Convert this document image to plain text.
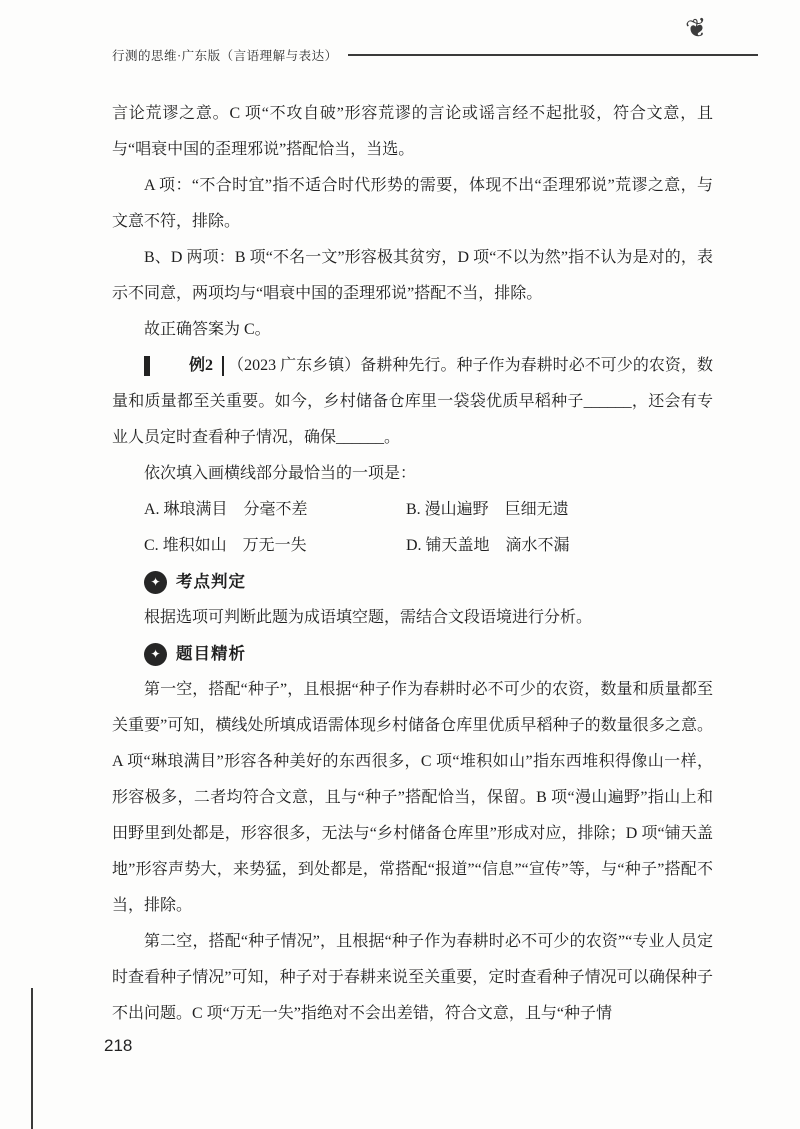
行测的思维·广东版（言语理解与表达）
❦

言论荒谬之意。C 项“不攻自破”形容荒谬的言论或谣言经不起批驳，符合文意，且与“唱衰中国的歪理邪说”搭配恰当，当选。

A 项：“不合时宜”指不适合时代形势的需要，体现不出“歪理邪说”荒谬之意，与文意不符，排除。

B、D 两项：B 项“不名一文”形容极其贫穷，D 项“不以为然”指不认为是对的，表示不同意，两项均与“唱衰中国的歪理邪说”搭配不当，排除。

故正确答案为 C。

例2 （2023 广东乡镇）备耕种先行。种子作为春耕时必不可少的农资，数量和质量都至关重要。如今，乡村储备仓库里一袋袋优质早稻种子______，还会有专业人员定时查看种子情况，确保______。

依次填入画横线部分最恰当的一项是：

A. 琳琅满目　分毫不差	B. 漫山遍野　巨细无遗
C. 堆积如山　万无一失	D. 铺天盖地　滴水不漏
✦ 考点判定

根据选项可判断此题为成语填空题，需结合文段语境进行分析。

✦ 题目精析

第一空，搭配“种子”，且根据“种子作为春耕时必不可少的农资，数量和质量都至关重要”可知，横线处所填成语需体现乡村储备仓库里优质早稻种子的数量很多之意。A 项“琳琅满目”形容各种美好的东西很多，C 项“堆积如山”指东西堆积得像山一样，形容极多，二者均符合文意，且与“种子”搭配恰当，保留。B 项“漫山遍野”指山上和田野里到处都是，形容很多，无法与“乡村储备仓库里”形成对应，排除；D 项“铺天盖地”形容声势大，来势猛，到处都是，常搭配“报道”“信息”“宣传”等，与“种子”搭配不当，排除。

第二空，搭配“种子情况”，且根据“种子作为春耕时必不可少的农资”“专业人员定时查看种子情况”可知，种子对于春耕来说至关重要，定时查看种子情况可以确保种子不出问题。C 项“万无一失”指绝对不会出差错，符合文意，且与“种子情

218
